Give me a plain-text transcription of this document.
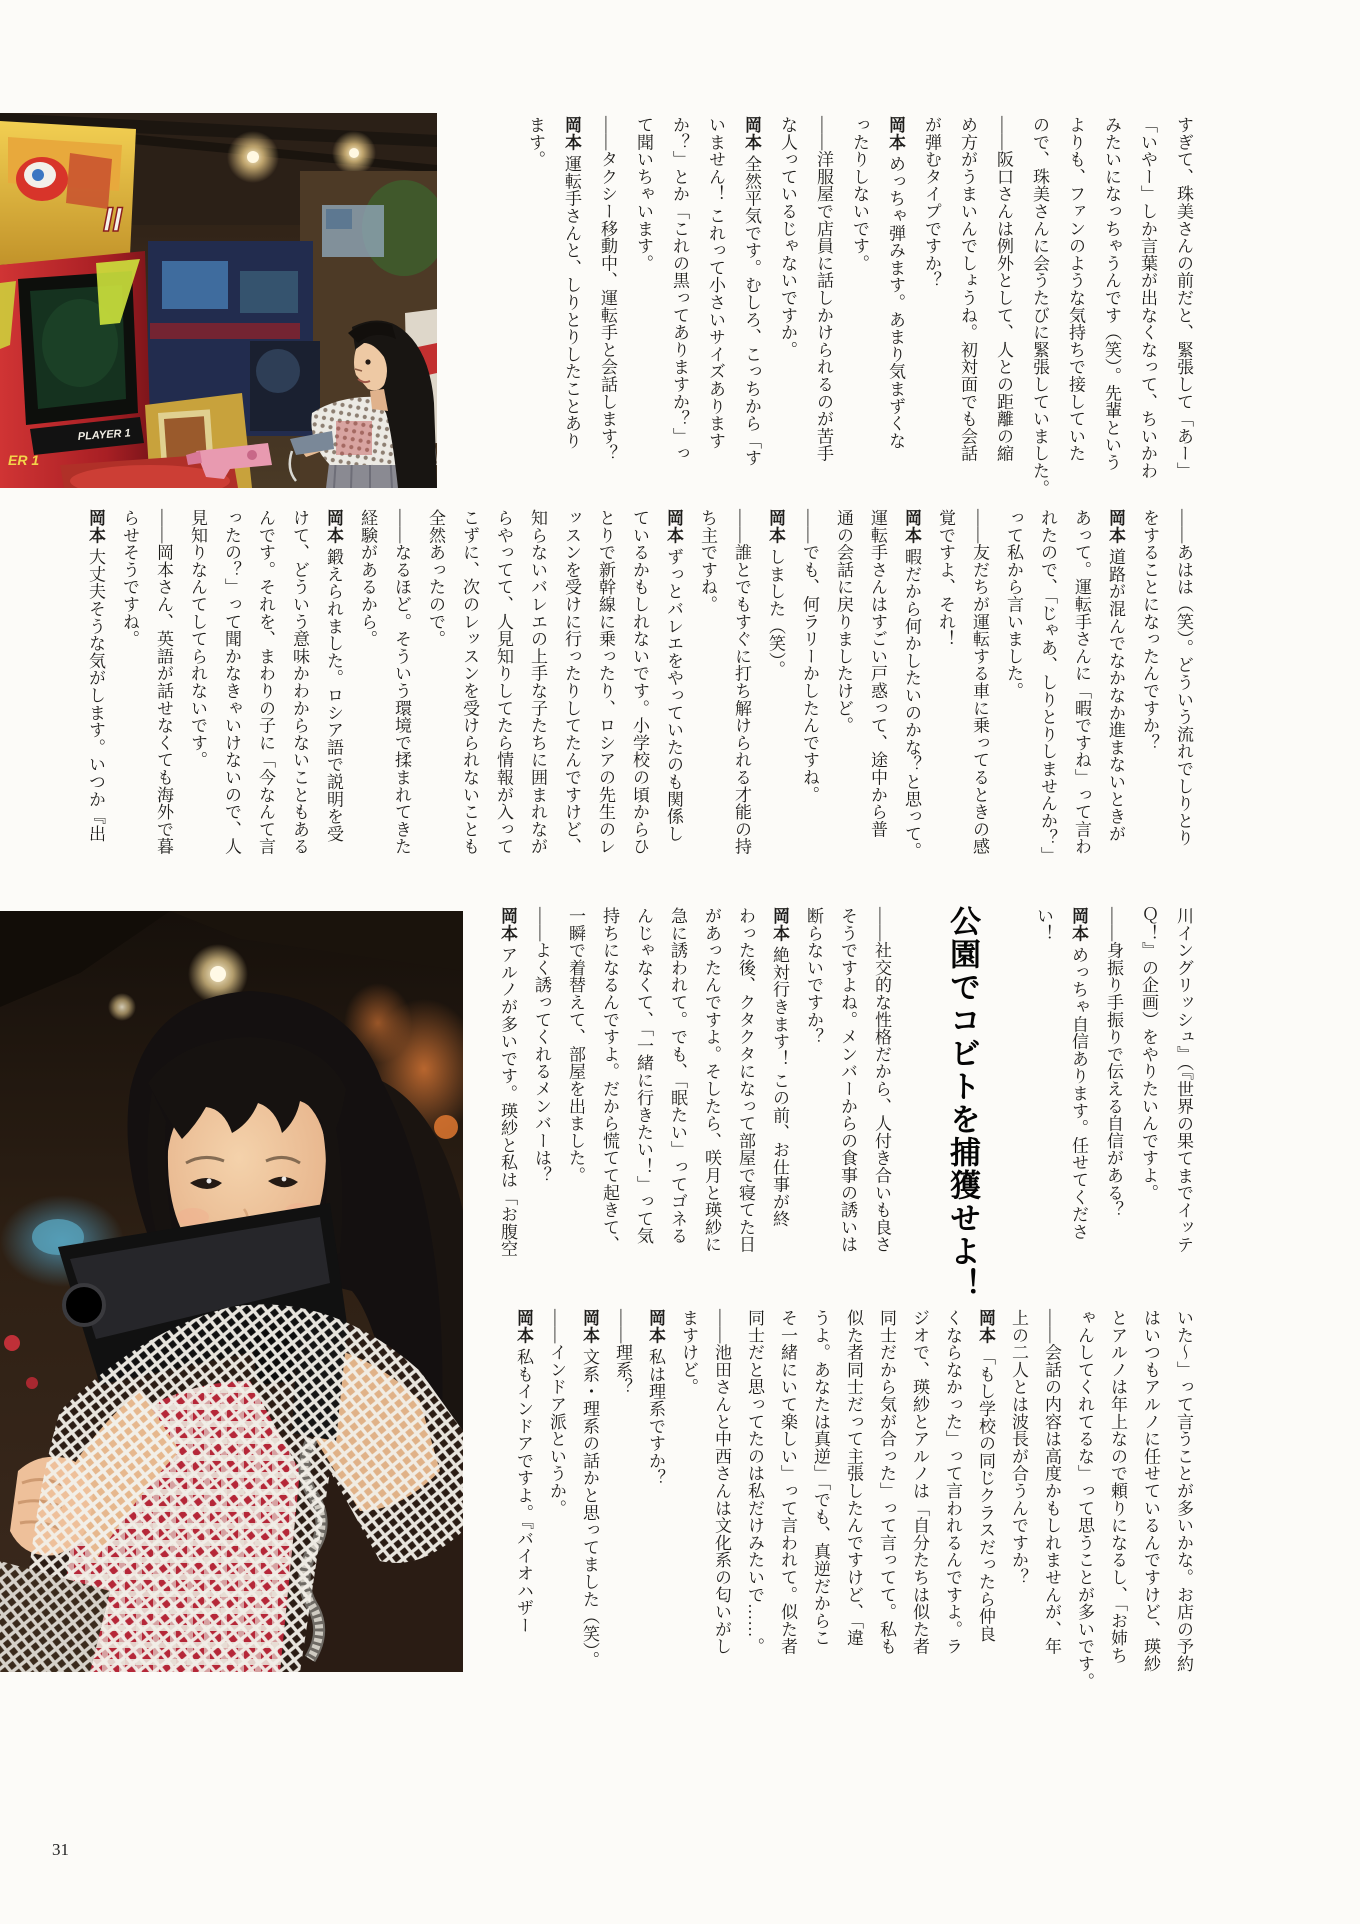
II
PLAYER 1
ER 1	すぎて、珠美さんの前だと、緊張して「あー」
「いやー」しか言葉が出なくなって、ちいかわ
みたいになっちゃうんです（笑）。先輩という
よりも、ファンのような気持ちで接していた
ので、珠美さんに会うたびに緊張していました。
――阪口さんは例外として、人との距離の縮
め方がうまいんでしょうね。初対面でも会話
が弾むタイプですか？
岡本 めっちゃ弾みます。あまり気まずくな
ったりしないです。
――洋服屋で店員に話しかけられるのが苦手
な人っているじゃないですか。
岡本 全然平気です。むしろ、こっちから「す
いません！ これって小さいサイズあります
か？」とか「これの黒ってありますか？」っ
て聞いちゃいます。
――タクシー移動中、運転手と会話します？
岡本 運転手さんと、しりとりしたことあり
ます。
――あはは（笑）。どういう流れでしりとり
をすることになったんですか？
岡本 道路が混んでなかなか進まないときが
あって。運転手さんに「暇ですね」って言わ
れたので、「じゃあ、しりとりしませんか？」
って私から言いました。
――友だちが運転する車に乗ってるときの感
覚ですよ、それ！
岡本 暇だから何かしたいのかな？と思って。
運転手さんはすごい戸惑って、途中から普
通の会話に戻りましたけど。
――でも、何ラリーかしたんですね。
岡本 しました（笑）。
――誰とでもすぐに打ち解けられる才能の持
ち主ですね。
岡本 ずっとバレエをやっていたのも関係し
ているかもしれないです。小学校の頃からひ
とりで新幹線に乗ったり、ロシアの先生のレ
ッスンを受けに行ったりしてたんですけど、
知らないバレエの上手な子たちに囲まれなが
らやってて、人見知りしてたら情報が入って
こずに、次のレッスンを受けられないことも
全然あったので。
――なるほど。そういう環境で揉まれてきた
経験があるから。
岡本 鍛えられました。ロシア語で説明を受
けて、どういう意味かわからないこともある
んです。それを、まわりの子に「今なんて言
ったの？」って聞かなきゃいけないので、人
見知りなんてしてられないです。
――岡本さん、英語が話せなくても海外で暮
らせそうですね。
岡本 大丈夫そうな気がします。いつか『出
川イングリッシュ』（『世界の果てまでイッテ
Ｑ！』の企画）をやりたいんですよ。
――身振り手振りで伝える自信がある？
岡本 めっちゃ自信あります。任せてくださ
い！
公園でコビトを捕獲せよ！
――社交的な性格だから、人付き合いも良さ
そうですよね。メンバーからの食事の誘いは
断らないですか？
岡本 絶対行きます！ この前、お仕事が終
わった後、クタクタになって部屋で寝てた日
があったんですよ。そしたら、咲月と瑛紗に
急に誘われて。でも、「眠たい」ってゴネる
んじゃなくて、「一緒に行きたい！」って気
持ちになるんですよ。だから慌てて起きて、
一瞬で着替えて、部屋を出ました。
――よく誘ってくれるメンバーは？
岡本 アルノが多いです。瑛紗と私は「お腹空
いた〜」って言うことが多いかな。お店の予約
はいつもアルノに任せているんですけど、瑛紗
とアルノは年上なので頼りになるし、「お姉ち
ゃんしてくれてるな」って思うことが多いです。
――会話の内容は高度かもしれませんが、年
上の二人とは波長が合うんですか？
岡本 「もし学校の同じクラスだったら仲良
くならなかった」って言われるんですよ。ラ
ジオで、瑛紗とアルノは「自分たちは似た者
同士だから気が合った」って言ってて。私も
似た者同士だって主張したんですけど、「違
うよ。あなたは真逆」「でも、真逆だからこ
そ一緒にいて楽しい」って言われて。似た者
同士だと思ってたのは私だけみたいで……。
――池田さんと中西さんは文化系の匂いがし
ますけど。
岡本 私は理系ですか？
――理系？
岡本 文系・理系の話かと思ってました（笑）。
――インドア派というか。
岡本 私もインドアですよ。『バイオハザー
31
